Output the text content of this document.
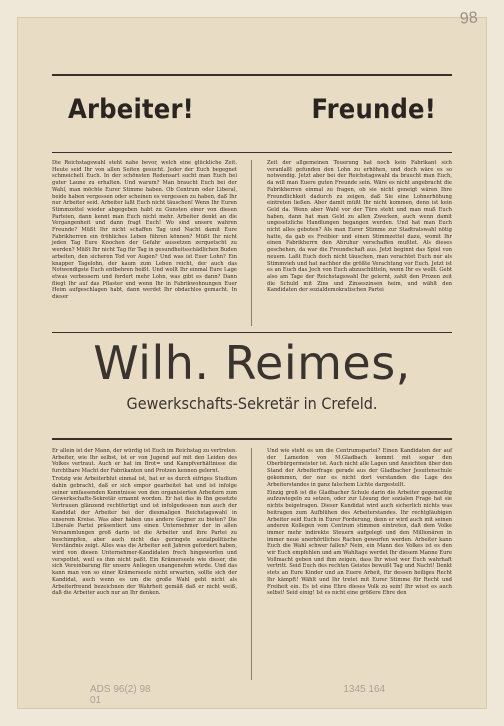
98
Arbeiter!	Freunde!

Die Reichstagswahl steht nahe bevor, welch eine glückliche Zeit. Heute seid Ihr von allen Seiten gesucht. Jeder der Euch begegnet schmeichelt Euch. In der schönsten Redensart sucht man Euch bei guter Laune zu erhalten. Und warum? Man braucht Euch bei der Wahl, man möchte Eurer Stimme haben. Ob Centrum oder Liberal, beide haben vergessen oder scheinen es vergessen zu haben, daß Ihr nur Arbeiter seid. Arbeiter laßt Euch nicht täuschen! Wenn Ihr Euren Stimmzettel wieder abgegeben habt zu Gunsten einer von diesen Parteien, dann kennt man Euch nicht mehr. Arbeiter denkt an die Vergangenheit und dann fragt Euch! Wo sind unsere wahren Freunde? Müßt Ihr nicht schaffen Tag und Nacht damit Eure Fabrikherren ein fröhliches Leben führen können? Müßt Ihr nicht jeden Tag Eure Knochen der Gefahr aussetzen zerquetscht zu werden? Müßt Ihr nicht Tag für Tag in gesundheitsschädlichen Buden arbeiten, den sicheren Tod vor Augen? Und was ist Euer Lohn? Ein knapper Tagelohn, der kaum zum Leben reicht, der auch das Notwendigste Euch entbehren heißt. Und wollt Ihr einmal Eure Lage etwas verbessern und fordert mehr Lohn, was gibt es dann? Dann fliegt Ihr auf das Pflaster und wenn Ihr in Fabrikwohnungen Euer Heim aufgeschlagen habt, dann werdet Ihr obdachlos gemacht. In dieser

Zeit der allgemeinen Teuerung hat noch kein Fabrikant sich veranlaßt gefunden den Lohn zu erhöhen, und doch wäre es so notwendig. Jetzt aber bei der Reichstagswahl da braucht man Euch, da will man Euere guten Freunde sein. Wäre es nicht angebracht die Fabrikherren einmal zu fragen, ob sie nicht geneigt wären Ihre Freundlichkeit dadurch zu zeigen, daß Sie eine Lohnerhöhung eintreten ließen. Aber damit müßt Ihr nicht kommen, denn ist kein Geld da. Wenn aber Wahl vor der Türe steht und man muß Euch haben, dann hat man Geld zu allen Zwecken, auch wenn damit ungesetzliche Handlungen begangen werden. Und hat man Euch nicht alles geboten? Als man Eurer Stimme zur Stadtratswahl nötig hatte, da gab es Freibier und einen Stimmzettel dazu, womit Ihr einen Fabrikherrn den Abruhur verschaffen mußtet. Als dieses geschehen, da war die Freundschaft aus. Jetzt beginnt das Spiel von neuem. Laßt Euch doch nicht täuschen, man verachtet Euch nur als Stimmvieh und hat nachher die größte Verachtung vor Euch. Jetzt ist es an Euch das Joch von Euch abzuschütteln, wenn Ihr es wollt. Gebt also am Tage der Reichstagswahl Ihr gelernt, zahlt den Prozen zeit die Schuld mit Zins und Zinseszinsen heim, und wählt den Kandidaten der sozialdemokratischen Partei

Wilh. Reimes,
Gewerkschafts-Sekretär in Crefeld.

Er allein ist der Mann, der würdig ist Euch im Reichstag zu vertreten. Arbeiter, wie Ihr selbst, ist er von Jugend auf mit den Leiden des Volkes vertraut. Auch er hat im Brot= und Kampfverhältnisse die furchtbare Macht der Fabrikanten und Protzen kennen gelernt.

Trotzig wie Arbeiterblut einmal ist, hat er es durch eifriges Studium dahin gebracht, daß er sich empor gearbeitet hat und ist infolge seiner umfassenden Kenntnisse von den organisierten Arbeitern zum Gewerkschafts-Sekretär ernannt worden. Er hat das in Ihn gesetzte Vertrauen glänzend rechtfertigt und ist infolgedessen nun auch der Kandidat der Arbeiter bei der diesmaligen Reichstagswahl in unserem Kreise. Was aber haben uns andere Gegner zu bieten? Die Liberale Partei präsentiert uns einen Unternehmer der in allen Versammlungen groß darin ist die Arbeiter und ihre Partei zu beschimpfen, aber auch nicht das geringste sozialpolitische Verständnis zeigt. Alles was die Arbeiter seit Jahren gefordert haben, wird von diesen Unternehmer-Kandidaten frech hingeworfen und verspottet, weil es ihm nicht paßt. Ein Krämerseele wie dieser, die sich Vereinbarung für unsere Anliegen unangenehm würde. Und das kann man von so einer Krämerseele nicht erwarten, sollte sich der Kandidat, auch wenn es um die große Wahl geht nicht als Arbeiterfreund bezeichnen der Wahrheit gemäß daß er nicht weiß, daß die Arbeiter auch nur an Ihr denken.

Und wie steht es um die Centrumspartei? Einen Kandidaten der auf der Lamedon von M.Gladbach kommt mit sogar den Oberbürgermeister ist. Auch nicht alle Lagen und Ansichten über den Stand der Arbeiterfrage gerade aus der Gladbacher Jesuitenschule gekommen, der nur es nicht dort verstanden die Lage des Arbeiterstandes in ganz falschem Lichte dargestellt.

Einzig groß ist die Gladbacher Schule darin die Arbeiter gegenseitig aufzuwiegeln zu setzen, oder zur Lösung der sozialen Frage hat sie nichts beigetragen. Dieser Kandidat wird auch sicherlich nichts was beitragen zum Aufblühen des Arbeiterstandes. Ihr rechtgläubigen Arbeiter seid Euch in Eurer Forderung, denn er wird auch mit seinen anderen Kollegen vom Centrum stimmen eintreten, daß dem Volke immer mehr indirekte Steuern aufgelegt und den Millionären in immer neue unerhörtliches Rachen geworfen werden. Arbeiter kann Euch die Wahl schwer fallen? Nein, ein Mann des Volkes ist es den wir Euch empfehlen und am Wahltage werdet Ihr diesem Manne Eure Vollmacht geben und ihm zeigen, dass Ihr wisst wer Euch wahrhaft vertritt. Seid Euch des rechten Geistes bewußt Tag und Nacht! Denkt stets an Eure Kinder und an Euere Arbeit, für dessen heiliges Recht Ihr kämpft! Wählt und Ihr tretet mit Eurer Stimme für Recht und Freiheit ein. Es ist eine Ehre dieses Volk zu sein! Ihr wisst es auch selbst! Seid einig! Ist es nicht eine größere Ehre den

ADS 96(2) 98	1345 164 01
